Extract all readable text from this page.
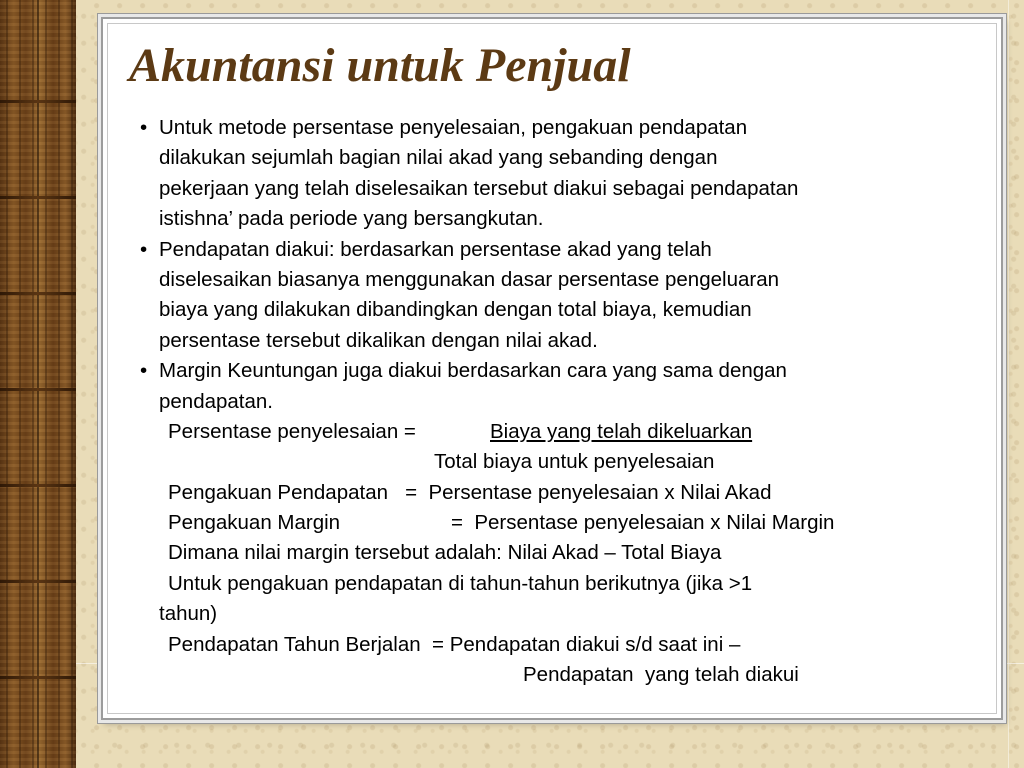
Akuntansi untuk Penjual
• Untuk metode persentase penyelesaian, pengakuan pendapatan
dilakukan sejumlah bagian nilai akad yang sebanding dengan
pekerjaan yang telah diselesaikan tersebut diakui sebagai pendapatan
istishna’ pada periode yang bersangkutan.
• Pendapatan diakui: berdasarkan persentase akad yang telah
diselesaikan biasanya menggunakan dasar persentase pengeluaran
biaya yang dilakukan dibandingkan dengan total biaya, kemudian
persentase tersebut dikalikan dengan nilai akad.
• Margin Keuntungan juga diakui berdasarkan cara yang sama dengan
pendapatan.
Persentase penyelesaian =	Biaya yang telah dikeluarkan
Total biaya untuk penyelesaian
Pengakuan Pendapatan   =  Persentase penyelesaian x Nilai Akad
Pengakuan Margin	=  Persentase penyelesaian x Nilai Margin
Dimana nilai margin tersebut adalah: Nilai Akad – Total Biaya
Untuk pengakuan pendapatan di tahun-tahun berikutnya (jika >1
tahun)
Pendapatan Tahun Berjalan  = Pendapatan diakui s/d saat ini –
Pendapatan  yang telah diakui
